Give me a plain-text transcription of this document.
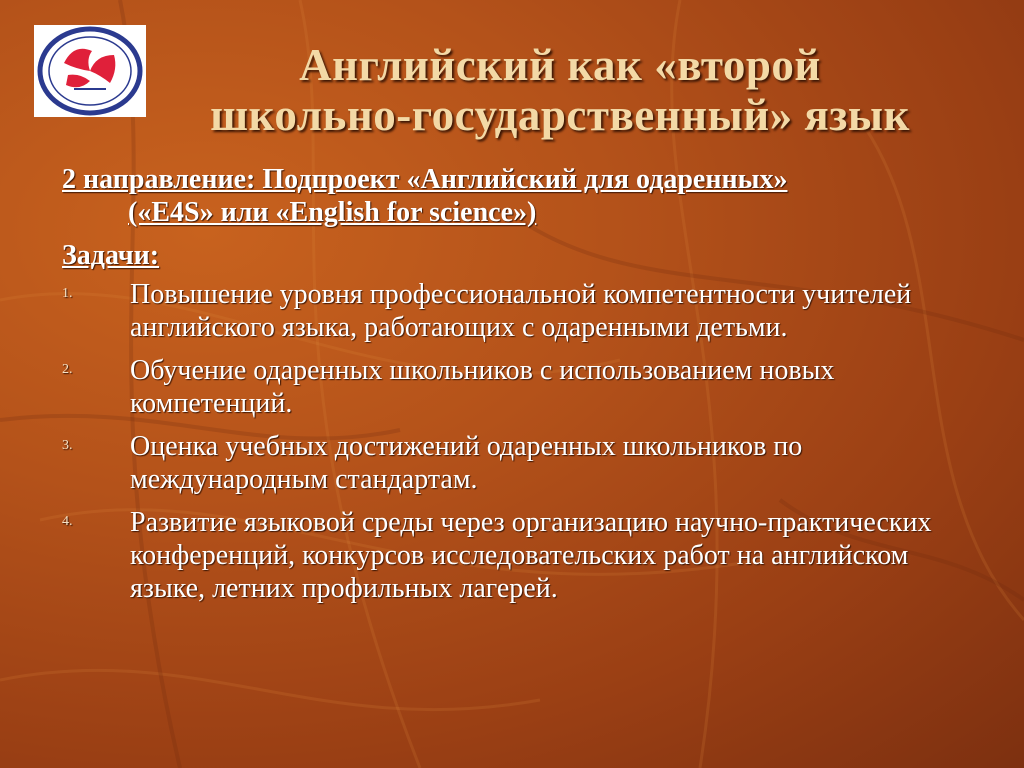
Английский как «второй
школьно-государственный» язык

2 направление: Подпроект «Английский для одаренных»
(«E4S» или «English for science»)

Задачи:

1. Повышение уровня профессиональной компетентности учителей английского языка, работающих с одаренными детьми.
2. Обучение одаренных школьников с использованием новых компетенций.
3. Оценка учебных достижений одаренных школьников по международным стандартам.
4. Развитие языковой среды через организацию научно-практических конференций, конкурсов исследовательских работ на английском языке, летних профильных лагерей.
